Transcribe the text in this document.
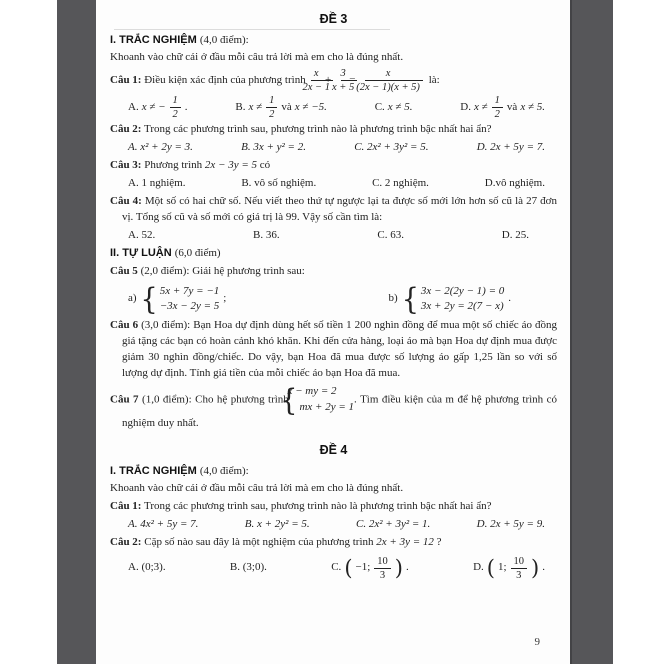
ĐỀ 3
I. TRẮC NGHIỆM (4,0 điểm):
Khoanh vào chữ cái ở đầu mỗi câu trả lời mà em cho là đúng nhất.
Câu 1: Điều kiện xác định của phương trình $\frac{x}{2x - 1}$
+ $\frac{3}{x + 5}$
= $\frac{x}{(2x - 1)(x + 5)}$ là:
A. x ≠ − $\frac{1}{2}$ .	B. $x \ne \frac{1}{2}$ và x ≠ −5.	C. x ≠ 5.	D. $x \ne \frac{1}{2}$ và x ≠ 5.
Câu 2: Trong các phương trình sau, phương trình nào là phương trình bậc nhất hai ẩn?
A. x² + 2y = 3.	B. 3x + y² = 2.	C. 2x² + 3y² = 5.	D. 2x + 5y = 7.
Câu 3: Phương trình 2x − 3y = 5 có
A. 1 nghiệm.	B. vô số nghiệm.	C. 2 nghiệm.	D.vô nghiệm.
Câu 4: Một số có hai chữ số. Nếu viết theo thứ tự ngược lại ta được số mới lớn hơn số cũ là 27 đơn vị. Tổng số cũ và số mới có giá trị là 99. Vậy số cần tìm là:
A. 52.	B. 36.	C. 63.	D. 25.
II. TỰ LUẬN (6,0 điểm)
Câu 5 (2,0 điểm): Giải hệ phương trình sau:
a) { 5x + 7y = −1
−3x − 2y = 5
;	b) { 3x − 2(2y − 1) = 0
3x + 2y = 2(7 − x)
.
Câu 6 (3,0 điểm): Bạn Hoa dự định dùng hết số tiền 1 200 nghìn đồng để mua một số chiếc áo đồng giá tặng các bạn có hoàn cảnh khó khăn. Khi đến cửa hàng, loại áo mà bạn Hoa dự định mua được giảm 30 nghìn đồng/chiếc. Do vậy, bạn Hoa đã mua được số lượng áo gấp 1,25 lần so với số lượng dự định. Tính giá tiền của mỗi chiếc áo bạn Hoa đã mua.
Câu 7 (1,0 điểm): Cho hệ phương trình
{
x − my = 2
mx + 2y = 1
. Tìm điều kiện của m để hệ phương trình có nghiệm duy nhất.
ĐỀ 4
I. TRẮC NGHIỆM (4,0 điểm):
Khoanh vào chữ cái ở đầu mỗi câu trả lời mà em cho là đúng nhất.
Câu 1: Trong các phương trình sau, phương trình nào là phương trình bậc nhất hai ẩn?
A. 4x² + 5y = 7.	B. x + 2y² = 5.	C. 2x² + 3y² = 1.	D. 2x + 5y = 9.
Câu 2: Cặp số nào sau đây là một nghiệm của phương trình 2x + 3y = 12 ?
A. (0;3).	B. (3;0).	C. ( −1; $\frac{10}{3}$ ) .	D. ( 1; $\frac{10}{3}$ ) .
9
